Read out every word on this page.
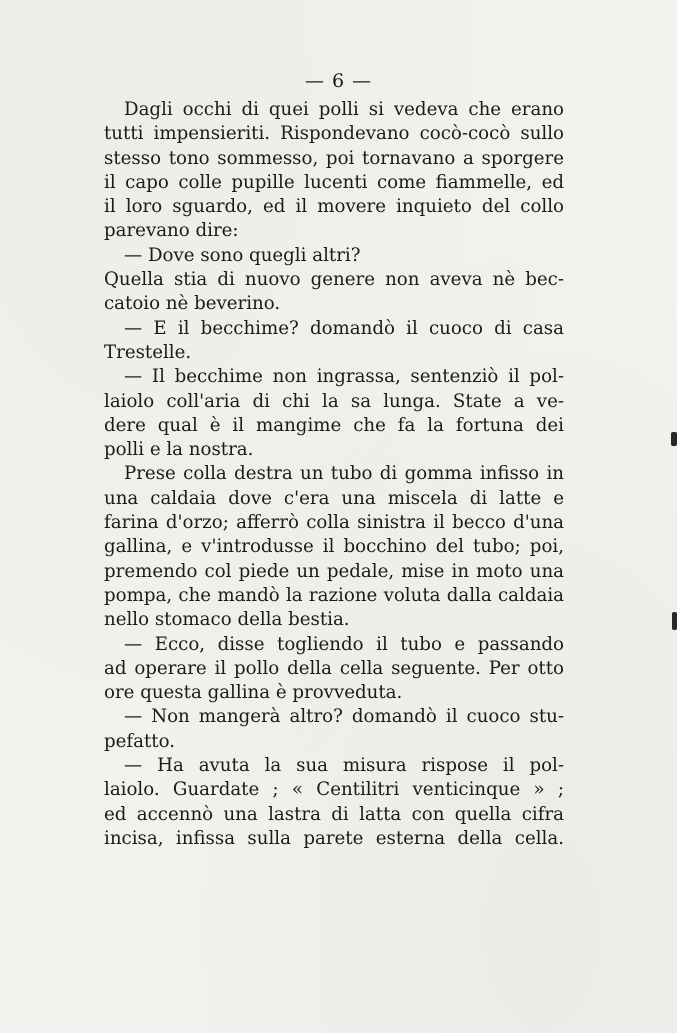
— 6 —
Dagli occhi di quei polli si vedeva che erano
tutti impensieriti. Rispondevano cocò-cocò sullo
stesso tono sommesso, poi tornavano a sporgere
il capo colle pupille lucenti come fiammelle, ed
il loro sguardo, ed il movere inquieto del collo
parevano dire:
— Dove sono quegli altri?
Quella stia di nuovo genere non aveva nè bec-
catoio nè beverino.
— E il becchime? domandò il cuoco di casa
Trestelle.
— Il becchime non ingrassa, sentenziò il pol-
laiolo coll'aria di chi la sa lunga. State a ve-
dere qual è il mangime che fa la fortuna dei
polli e la nostra.
Prese colla destra un tubo di gomma infisso in
una caldaia dove c'era una miscela di latte e
farina d'orzo; afferrò colla sinistra il becco d'una
gallina, e v'introdusse il bocchino del tubo; poi,
premendo col piede un pedale, mise in moto una
pompa, che mandò la razione voluta dalla caldaia
nello stomaco della bestia.
— Ecco, disse togliendo il tubo e passando
ad operare il pollo della cella seguente. Per otto
ore questa gallina è provveduta.
— Non mangerà altro? domandò il cuoco stu-
pefatto.
— Ha avuta la sua misura rispose il pol-
laiolo. Guardate ; « Centilitri venticinque » ;
ed accennò una lastra di latta con quella cifra
incisa, infissa sulla parete esterna della cella.
